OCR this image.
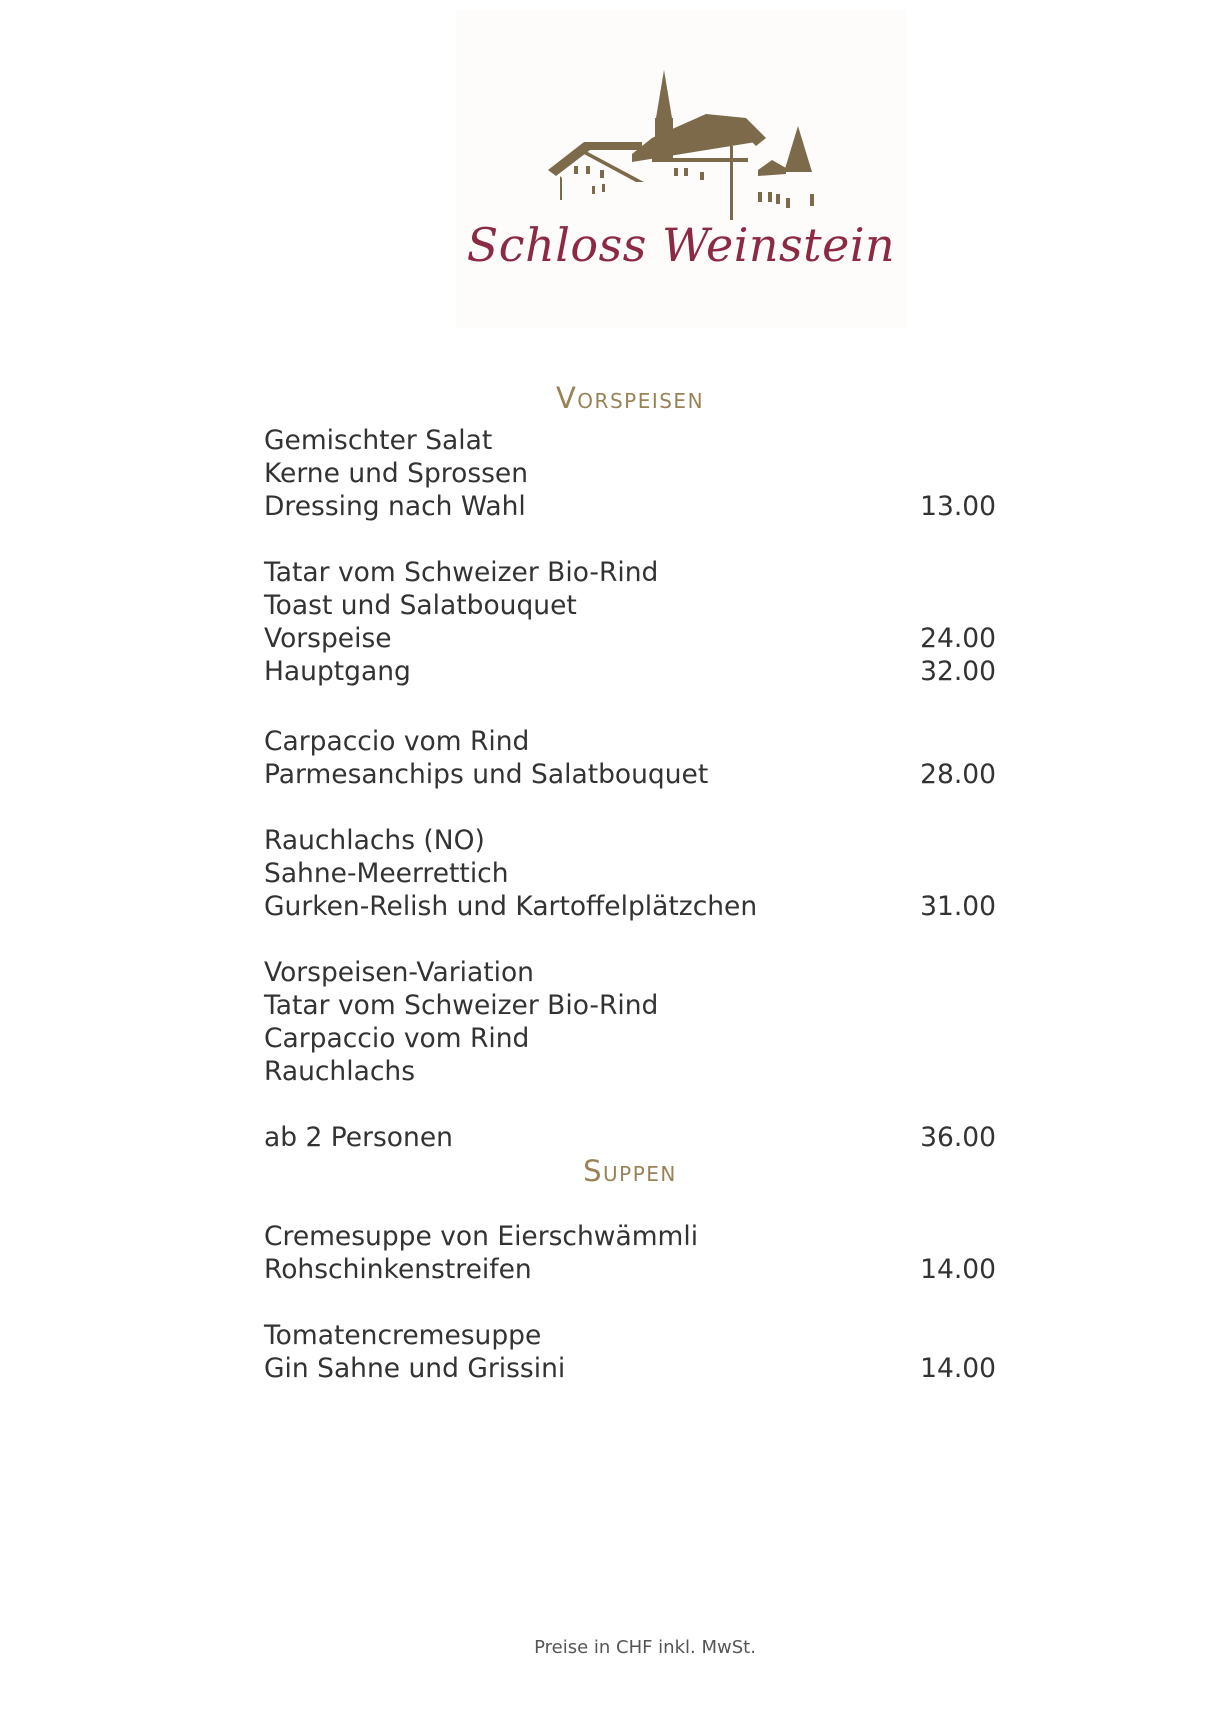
Schloss Weinstein
Vorspeisen
Gemischter Salat
Kerne und Sprossen
Dressing nach Wahl	13.00
Tatar vom Schweizer Bio-Rind
Toast und Salatbouquet
Vorspeise	24.00
Hauptgang	32.00
Carpaccio vom Rind
Parmesanchips und Salatbouquet	28.00
Rauchlachs (NO)
Sahne-Meerrettich
Gurken-Relish und Kartoffelplätzchen	31.00
Vorspeisen-Variation
Tatar vom Schweizer Bio-Rind
Carpaccio vom Rind
Rauchlachs
ab 2 Personen	36.00
Suppen
Cremesuppe von Eierschwämmli
Rohschinkenstreifen	14.00
Tomatencremesuppe
Gin Sahne und Grissini	14.00
Preise in CHF inkl. MwSt.
